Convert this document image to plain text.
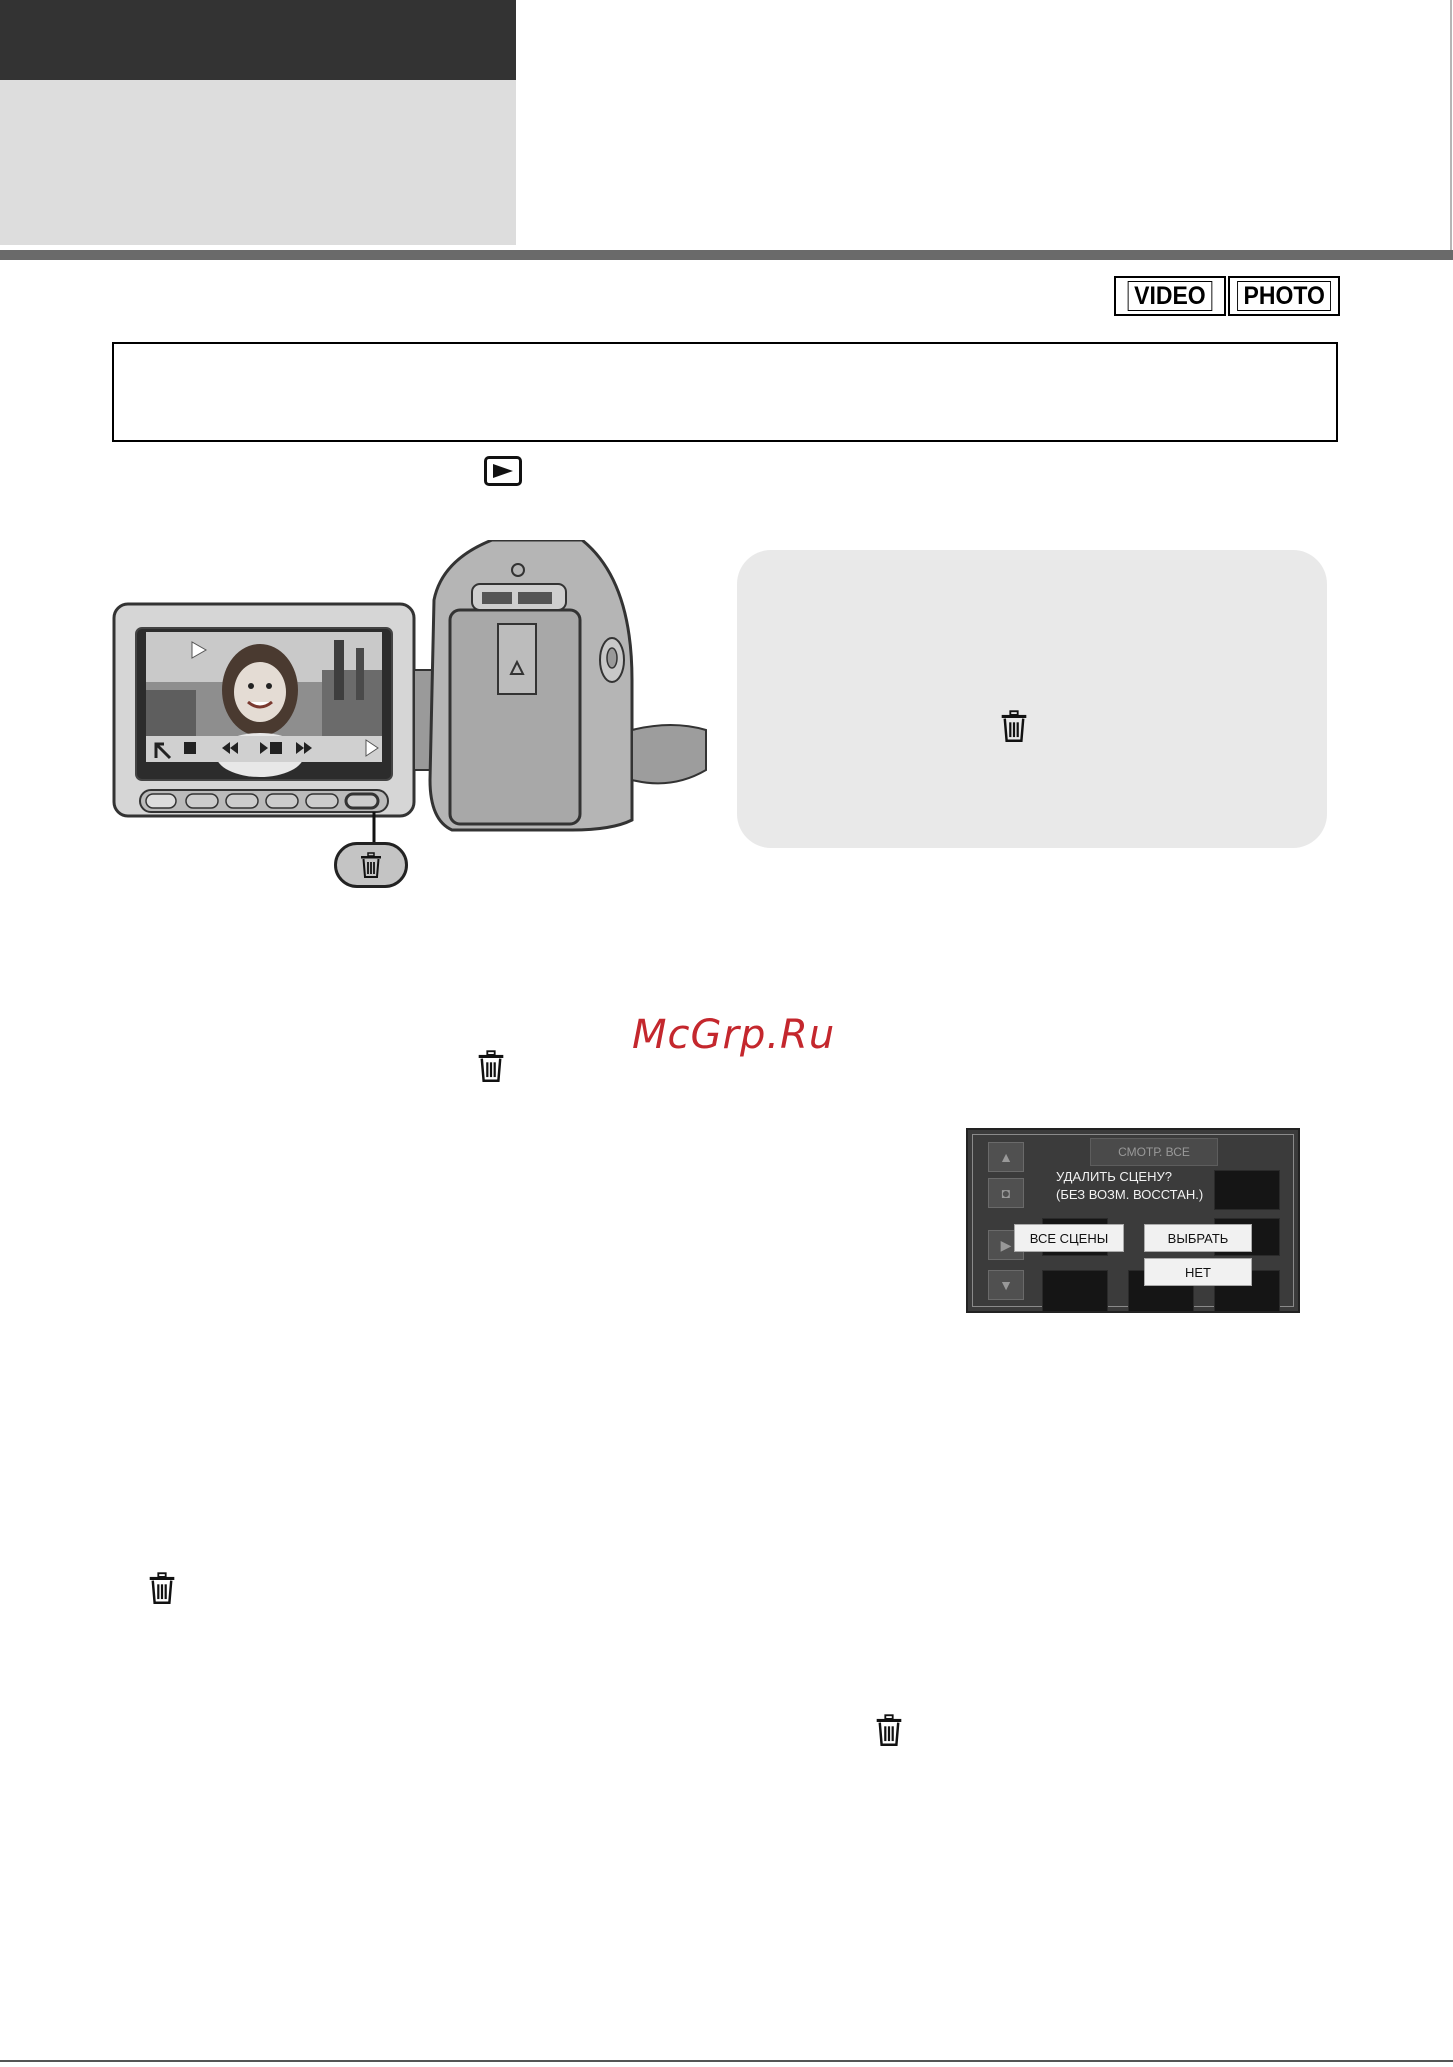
VIDEO PHOTO
McGrp.Ru
▲
◘
▶
▼
СМОТР. ВСЕ
УДАЛИТЬ СЦЕНУ?
(БЕЗ ВОЗМ. ВОССТАН.)
ВСЕ СЦЕНЫ	ВЫБРАТЬ
НЕТ
